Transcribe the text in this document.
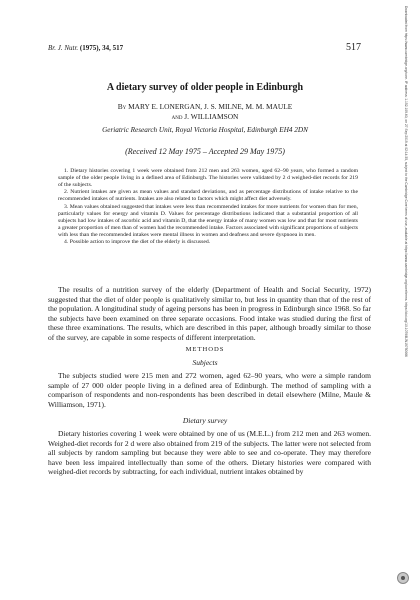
Br. J. Nutr. (1975), 34, 517	517
A dietary survey of older people in Edinburgh
By MARY E. LONERGAN, J. S. MILNE, M. M. MAULE
and J. WILLIAMSON
Geriatric Research Unit, Royal Victoria Hospital, Edinburgh EH4 2DN
(Received 12 May 1975 – Accepted 29 May 1975)

1. Dietary histories covering 1 week were obtained from 212 men and 263 women, aged 62–90 years, who formed a random sample of the older people living in a defined area of Edinburgh. The histories were validated by 2 d weighed-diet records for 219 of the subjects.

2. Nutrient intakes are given as mean values and standard deviations, and as percentage distributions of intake relative to the recommended intakes of nutrients. Intakes are also related to factors which might affect diet adversely.

3. Mean values obtained suggested that intakes were less than recommended intakes for more nutrients for women than for men, particularly values for energy and vitamin D. Values for percentage distributions indicated that a substantial proportion of all subjects had low intakes of ascorbic acid and vitamin D, that the energy intake of many women was low and that for most nutrients a greater proportion of men than of women had the recommended intake. Factors associated with significant proportions of subjects with less than the recommended intakes were mental illness in women and deafness and severe dyspnoea in men.

4. Possible action to improve the diet of the elderly is discussed.

The results of a nutrition survey of the elderly (Department of Health and Social Security, 1972) suggested that the diet of older people is qualitatively similar to, but less in quantity than that of the rest of the population. A longitudinal study of ageing persons has been in progress in Edinburgh since 1968. So far the subjects have been examined on three separate occasions. Food intake was studied during the first of these three examinations. The results, which are described in this paper, although broadly similar to those of the survey, are capable in some respects of different interpretation.

METHODS
Subjects

The subjects studied were 215 men and 272 women, aged 62–90 years, who were a simple random sample of 27 000 older people living in a defined area of Edinburgh. The method of sampling with a comparison of respondents and non-respondents has been described in detail elsewhere (Milne, Maule & Williamson, 1971).

Dietary survey

Dietary histories covering 1 week were obtained by one of us (M.E.L.) from 212 men and 263 women. Weighed-diet records for 2 d were also obtained from 219 of the subjects. The latter were not selected from all subjects by random sampling but because they were able to see and co-operate. They may therefore have been less impaired intellectually than some of the others. Dietary histories were compared with weighed-diet records by subtracting, for each individual, nutrient intakes obtained by

Downloaded from https://www.cambridge.org/core. IP address: 1.152.109.60, on 27 Sep 2019 at 02:14:35, subject to the Cambridge Core terms of use, available at https://www.cambridge.org/core/terms. https://doi.org/10.1079/BJN19750066
